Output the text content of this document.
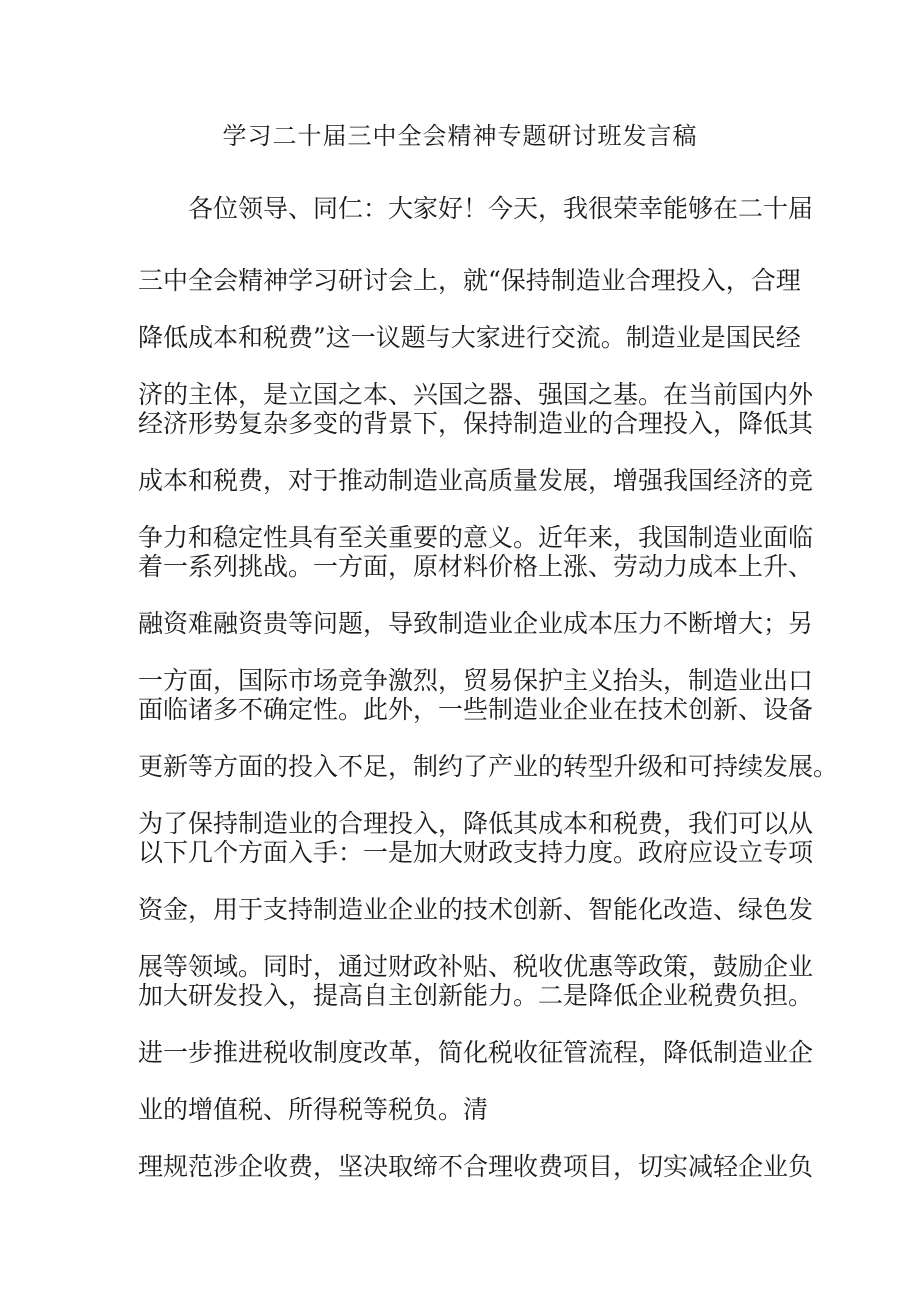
学习二十届三中全会精神专题研讨班发言稿
各位领导、同仁：大家好！今天，我很荣幸能够在二十届
三中全会精神学习研讨会上，就“保持制造业合理投入，合理
降低成本和税费”这一议题与大家进行交流。制造业是国民经
济的主体，是立国之本、兴国之器、强国之基。在当前国内外
经济形势复杂多变的背景下，保持制造业的合理投入，降低其
成本和税费，对于推动制造业高质量发展，增强我国经济的竞
争力和稳定性具有至关重要的意义。近年来，我国制造业面临
着一系列挑战。一方面，原材料价格上涨、劳动力成本上升、
融资难融资贵等问题，导致制造业企业成本压力不断增大；另
一方面，国际市场竞争激烈，贸易保护主义抬头，制造业出口
面临诸多不确定性。此外，一些制造业企业在技术创新、设备
更新等方面的投入不足，制约了产业的转型升级和可持续发展。
为了保持制造业的合理投入，降低其成本和税费，我们可以从
以下几个方面入手：一是加大财政支持力度。政府应设立专项
资金，用于支持制造业企业的技术创新、智能化改造、绿色发
展等领域。同时，通过财政补贴、税收优惠等政策，鼓励企业
加大研发投入，提高自主创新能力。二是降低企业税费负担。
进一步推进税收制度改革，简化税收征管流程，降低制造业企
业的增值税、所得税等税负。清
理规范涉企收费，坚决取缔不合理收费项目，切实减轻企业负
